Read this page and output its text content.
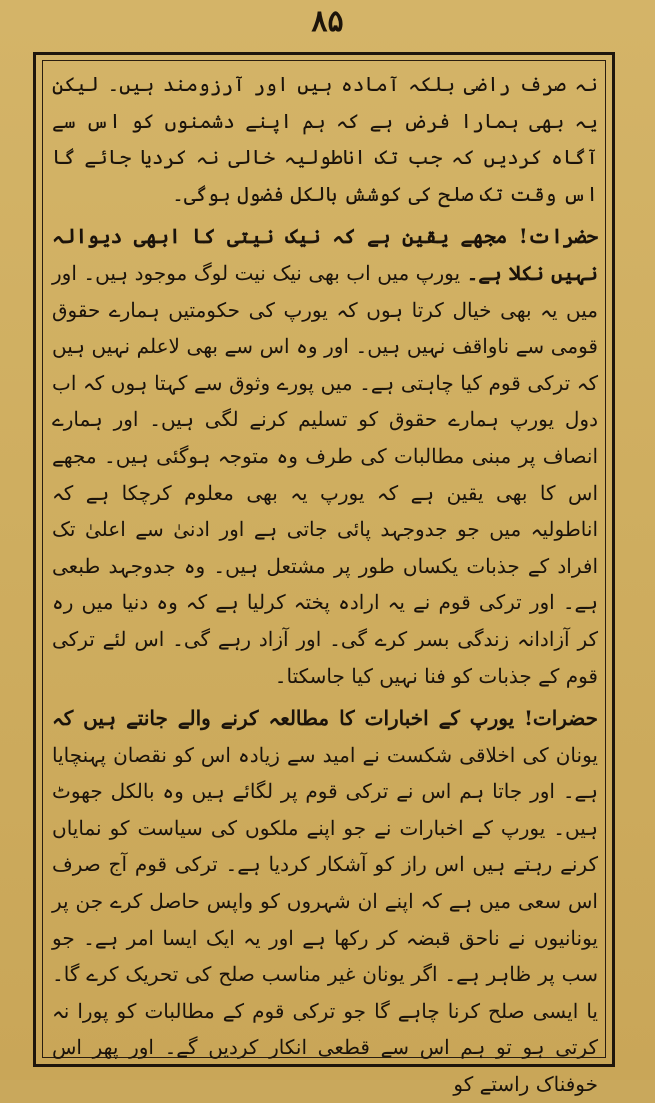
۸۵

نہ صرف راضی بلکہ آمادہ ہیں اور آرزومند ہیں۔ لیکن یہ بھی ہمارا فرض ہے کہ ہم اپنے دشمنوں کو اس سے آگاہ کردیں کہ جب تک اناطولیہ خالی نہ کردیا جائے گا اس وقت تک صلح کی کوشش بالکل فضول ہوگی۔

حضرات! مجھے یقین ہے کہ نیک نیتی کا ابھی دیوالہ نہیں نکلا ہے۔ یورپ میں اب بھی نیک نیت لوگ موجود ہیں۔ اور میں یہ بھی خیال کرتا ہوں کہ یورپ کی حکومتیں ہمارے حقوق قومی سے ناواقف نہیں ہیں۔ اور وہ اس سے بھی لاعلم نہیں ہیں کہ ترکی قوم کیا چاہتی ہے۔ میں پورے وثوق سے کہتا ہوں کہ اب دول یورپ ہمارے حقوق کو تسلیم کرنے لگی ہیں۔ اور ہمارے انصاف پر مبنی مطالبات کی طرف وہ متوجہ ہوگئی ہیں۔ مجھے اس کا بھی یقین ہے کہ یورپ یہ بھی معلوم کرچکا ہے کہ اناطولیہ میں جو جدوجہد پائی جاتی ہے اور ادنیٰ سے اعلیٰ تک افراد کے جذبات یکساں طور پر مشتعل ہیں۔ وہ جدوجہد طبعی ہے۔ اور ترکی قوم نے یہ ارادہ پختہ کرلیا ہے کہ وہ دنیا میں رہ کر آزادانہ زندگی بسر کرے گی۔ اور آزاد رہے گی۔ اس لئے ترکی قوم کے جذبات کو فنا نہیں کیا جاسکتا۔

حضرات! یورپ کے اخبارات کا مطالعہ کرنے والے جانتے ہیں کہ یونان کی اخلاقی شکست نے امید سے زیادہ اس کو نقصان پہنچایا ہے۔ اور جاتا ہم اس نے ترکی قوم پر لگائے ہیں وہ بالکل جھوٹ ہیں۔ یورپ کے اخبارات نے جو اپنے ملکوں کی سیاست کو نمایاں کرنے رہتے ہیں اس راز کو آشکار کردیا ہے۔ ترکی قوم آج صرف اس سعی میں ہے کہ اپنے ان شہروں کو واپس حاصل کرے جن پر یونانیوں نے ناحق قبضہ کر رکھا ہے اور یہ ایک ایسا امر ہے۔ جو سب پر ظاہر ہے۔ اگر یونان غیر مناسب صلح کی تحریک کرے گا۔ یا ایسی صلح کرنا چاہے گا جو ترکی قوم کے مطالبات کو پورا نہ کرتی ہو تو ہم اس سے قطعی انکار کردیں گے۔ اور پھر اس خوفناک راستے کو
